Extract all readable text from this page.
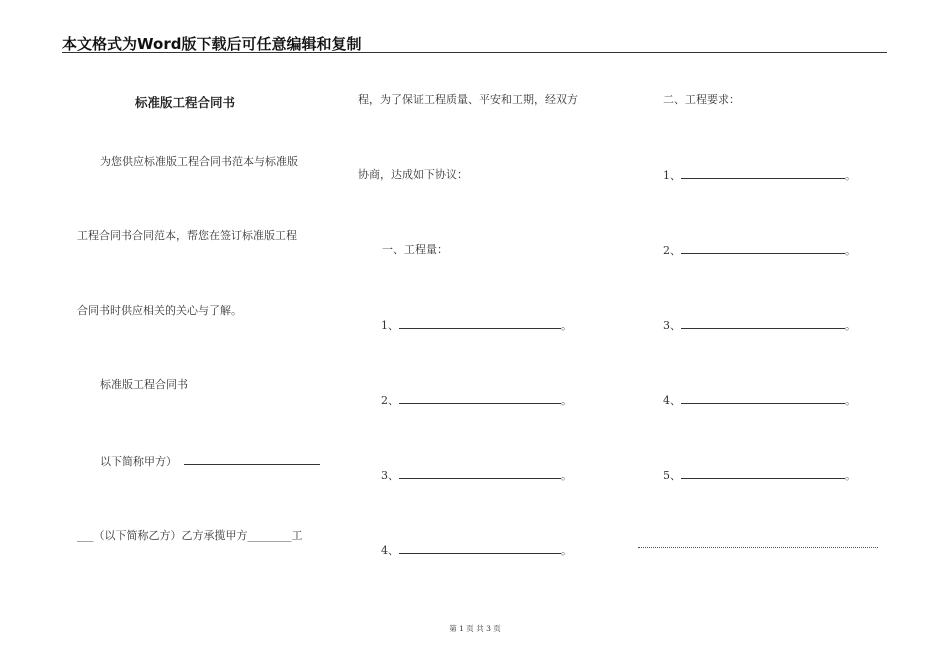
本文格式为Word版下载后可任意编辑和复制
标准版工程合同书
为您供应标准版工程合同书范本与标准版
工程合同书合同范本，帮您在签订标准版工程
合同书时供应相关的关心与了解。
标准版工程合同书
以下简称甲方）
___（以下简称乙方）乙方承揽甲方________工
程，为了保证工程质量、平安和工期，经双方
协商，达成如下协议：
一、工程量：
1、	。
2、	。
3、	。
4、	。
二、工程要求：
1、	。
2、	。
3、	。
4、	。
5、	。
第 1 页 共 3 页
